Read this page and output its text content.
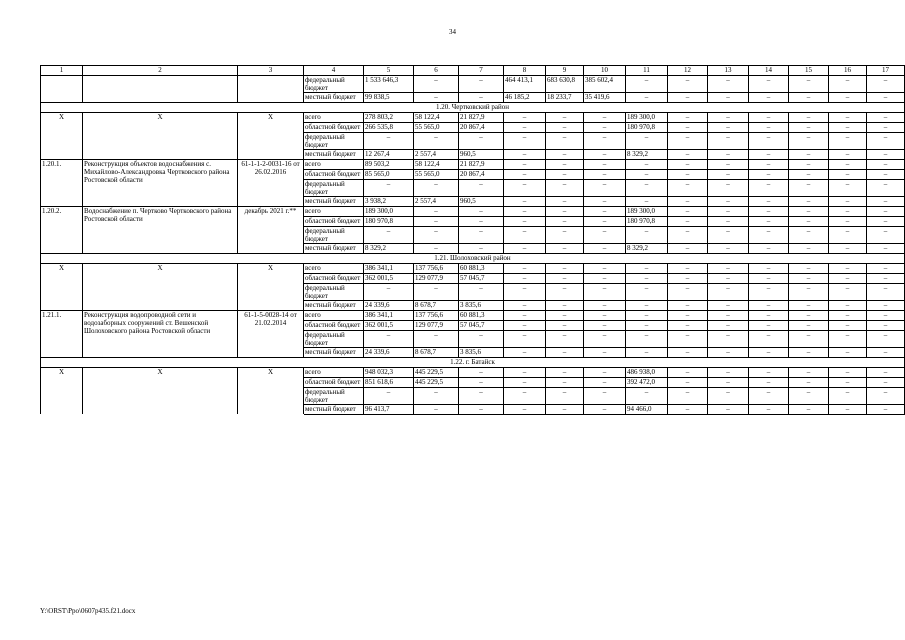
34
1	2	3	4	5	6	7	8	9	10	11	12	13	14	15	16	17
			федеральный бюджет	1 533 646,3	–	–	464 413,1	683 630,8	385 602,4	–	–	–	–	–	–	–
			местный бюджет	99 838,5	–	–	46 185,2	18 233,7	35 419,6	–	–	–	–	–	–	–
1.20. Чертковский район																
Х	Х	Х	всего	278 803,2	58 122,4	21 827,9	–	–	–	189 300,0	–	–	–	–	–	–
			областной бюджет	266 535,8	55 565,0	20 867,4	–	–	–	180 970,8	–	–	–	–	–	–
			федеральный бюджет	–	–	–	–	–	–	–	–	–	–	–	–	–
			местный бюджет	12 267,4	2 557,4	960,5	–	–	–	8 329,2	–	–	–	–	–	–
1.20.1.	Реконструкция объектов водоснабжения с. Михайлово-Александровка Чертковского района Ростовской области	61-1-1-2-0031-16 от 26.02.2016	всего	89 503,2	58 122,4	21 827,9	–	–	–	–	–	–	–	–	–	–
			областной бюджет	85 565,0	55 565,0	20 867,4	–	–	–	–	–	–	–	–	–	–
			федеральный бюджет	–	–	–	–	–	–	–	–	–	–	–	–	–
			местный бюджет	3 938,2	2 557,4	960,5	–	–	–	–	–	–	–	–	–	–
1.20.2.	Водоснабжение п. Чертково Чертковского района Ростовской области	декабрь 2021 г.**	всего	189 300,0	–	–	–	–	–	189 300,0	–	–	–	–	–	–
			областной бюджет	180 970,8	–	–	–	–	–	180 970,8	–	–	–	–	–	–
			федеральный бюджет	–	–	–	–	–	–	–	–	–	–	–	–	–
			местный бюджет	8 329,2	–	–	–	–	–	8 329,2	–	–	–	–	–	–
1.21. Шолоховский район																
Х	Х	Х	всего	386 341,1	137 756,6	60 881,3	–	–	–	–	–	–	–	–	–	–
			областной бюджет	362 001,5	129 077,9	57 045,7	–	–	–	–	–	–	–	–	–	–
			федеральный бюджет	–	–	–	–	–	–	–	–	–	–	–	–	–
			местный бюджет	24 339,6	8 678,7	3 835,6	–	–	–	–	–	–	–	–	–	–
1.21.1.	Реконструкция водопроводной сети и водозаборных сооружений ст. Вешенской Шолоховского района Ростовской области	61-1-5-0028-14 от 21.02.2014	всего	386 341,1	137 756,6	60 881,3	–	–	–	–	–	–	–	–	–	–
			областной бюджет	362 001,5	129 077,9	57 045,7	–	–	–	–	–	–	–	–	–	–
			федеральный бюджет	–	–	–	–	–	–	–	–	–	–	–	–	–
			местный бюджет	24 339,6	8 678,7	3 835,6	–	–	–	–	–	–	–	–	–	–
1.22. г. Батайск																
Х	Х	Х	всего	948 032,3	445 229,5	–	–	–	–	486 938,0	–	–	–	–	–	–
			областной бюджет	851 618,6	445 229,5	–	–	–	–	392 472,0	–	–	–	–	–	–
			федеральный бюджет	–	–	–	–	–	–	–	–	–	–	–	–	–
			местный бюджет	96 413,7	–	–	–	–	–	94 466,0	–	–	–	–	–	–
Y:\ORST\Ppo\0607p435.f21.docx
